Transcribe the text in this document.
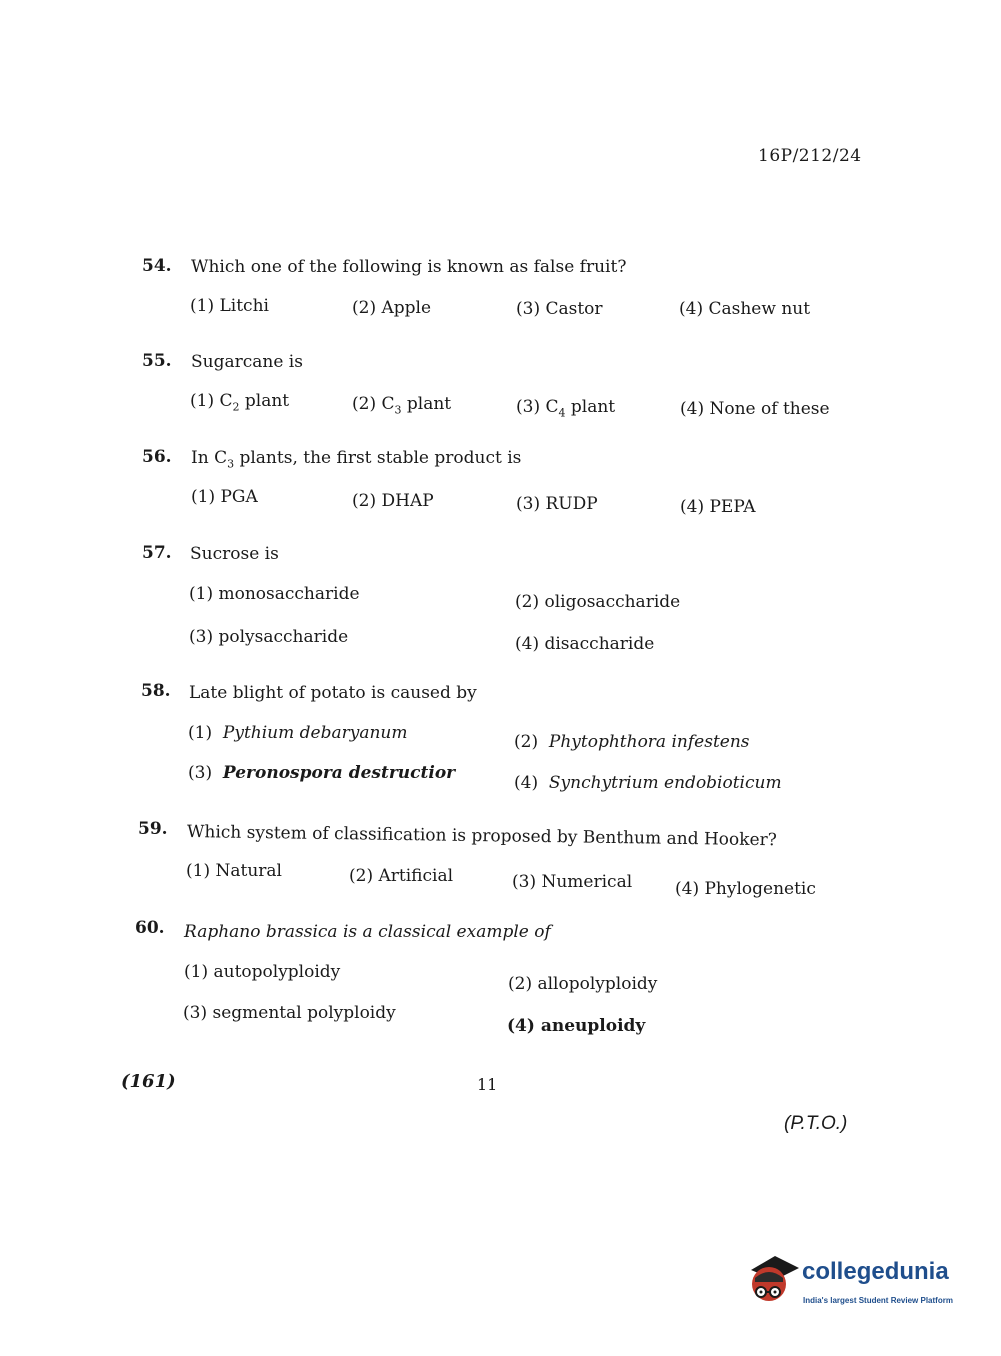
16P/212/24
54. Which one of the following is known as false fruit?
(1) Litchi	(2) Apple	(3) Castor	(4) Cashew nut
55. Sugarcane is
(1) $C_2$ plant	(2) $C_3$ plant	(3) $C_4$ plant	(4) None of these
56. In $C_3$ plants, the first stable product is
(1) PGA	(2) DHAP	(3) RUDP	(4) PEPA
57. Sucrose is
(1) monosaccharide	(2) oligosaccharide
(3) polysaccharide	(4) disaccharide
58. Late blight of potato is caused by
(1) Pythium debaryanum	(2) Phytophthora infestens
(3) Peronospora destructior	(4) Synchytrium endobioticum
59. Which system of classification is proposed by Benthum and Hooker?
(1) Natural	(2) Artificial	(3) Numerical	(4) Phylogenetic
60. Raphano brassica is a classical example of
(1) autopolyploidy
(2) allopolyploidy
(3) segmental polyploidy
(4) aneuploidy
(161)	11
(P.T.O.)
collegedunia
India's largest Student Review Platform
